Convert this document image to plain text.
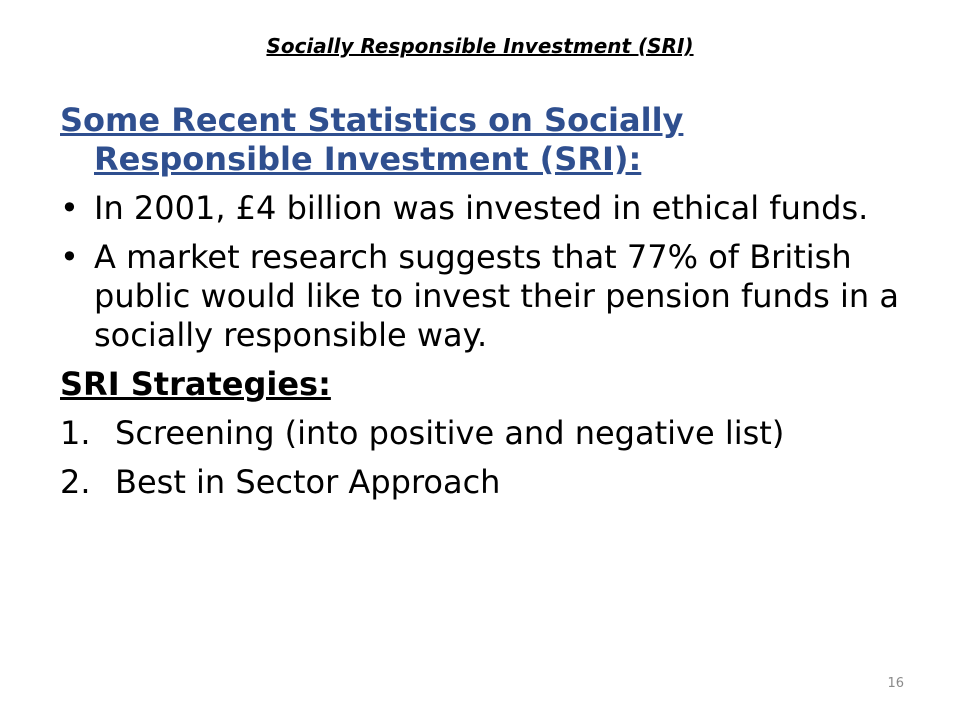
Socially Responsible Investment (SRI)
Some Recent Statistics on Socially Responsible Investment (SRI):
• In 2001, £4 billion was invested in ethical funds.
• A market research suggests that 77% of British public would like to invest their pension funds in a socially responsible way.
SRI Strategies:
1. Screening (into positive and negative list)
2. Best in Sector Approach
16
